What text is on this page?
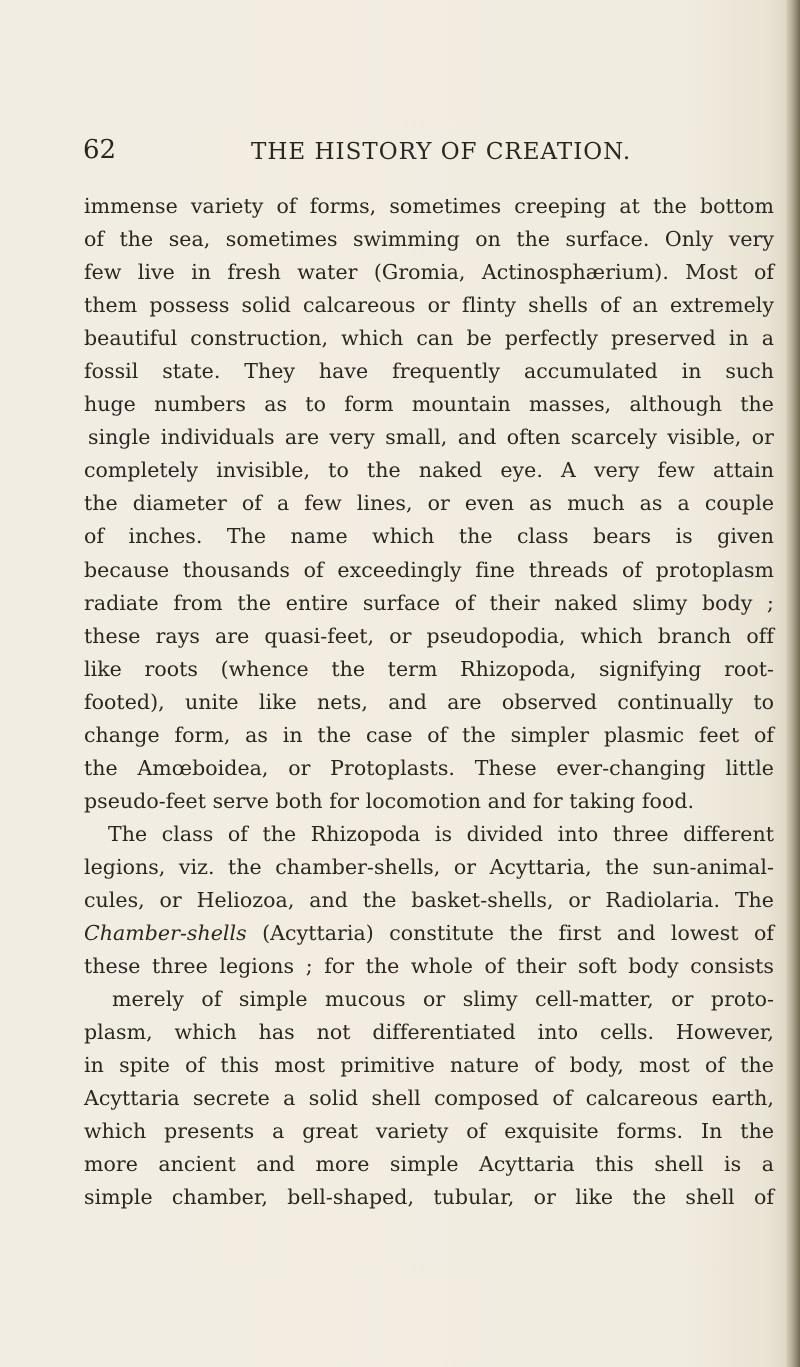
62	THE HISTORY OF CREATION.
immense variety of forms, sometimes creeping at the bottom
of the sea, sometimes swimming on the surface. Only very
few live in fresh water (Gromia, Actinosphærium). Most of
them possess solid calcareous or flinty shells of an extremely
beautiful construction, which can be perfectly preserved in a
fossil state. They have frequently accumulated in such
huge numbers as to form mountain masses, although the
single individuals are very small, and often scarcely visible, or
completely invisible, to the naked eye. A very few attain
the diameter of a few lines, or even as much as a couple
of inches. The name which the class bears is given
because thousands of exceedingly fine threads of protoplasm
radiate from the entire surface of their naked slimy body ;
these rays are quasi-feet, or pseudopodia, which branch off
like roots (whence the term Rhizopoda, signifying root-
footed), unite like nets, and are observed continually to
change form, as in the case of the simpler plasmic feet of
the Amœboidea, or Protoplasts. These ever-changing little
pseudo-feet serve both for locomotion and for taking food.
The class of the Rhizopoda is divided into three different
legions, viz. the chamber-shells, or Acyttaria, the sun-animal-
cules, or Heliozoa, and the basket-shells, or Radiolaria. The
Chamber-shells (Acyttaria) constitute the first and lowest of
these three legions ; for the whole of their soft body consists
merely of simple mucous or slimy cell-matter, or proto-
plasm, which has not differentiated into cells. However,
in spite of this most primitive nature of body, most of the
Acyttaria secrete a solid shell composed of calcareous earth,
which presents a great variety of exquisite forms. In the
more ancient and more simple Acyttaria this shell is a
simple chamber, bell-shaped, tubular, or like the shell of
